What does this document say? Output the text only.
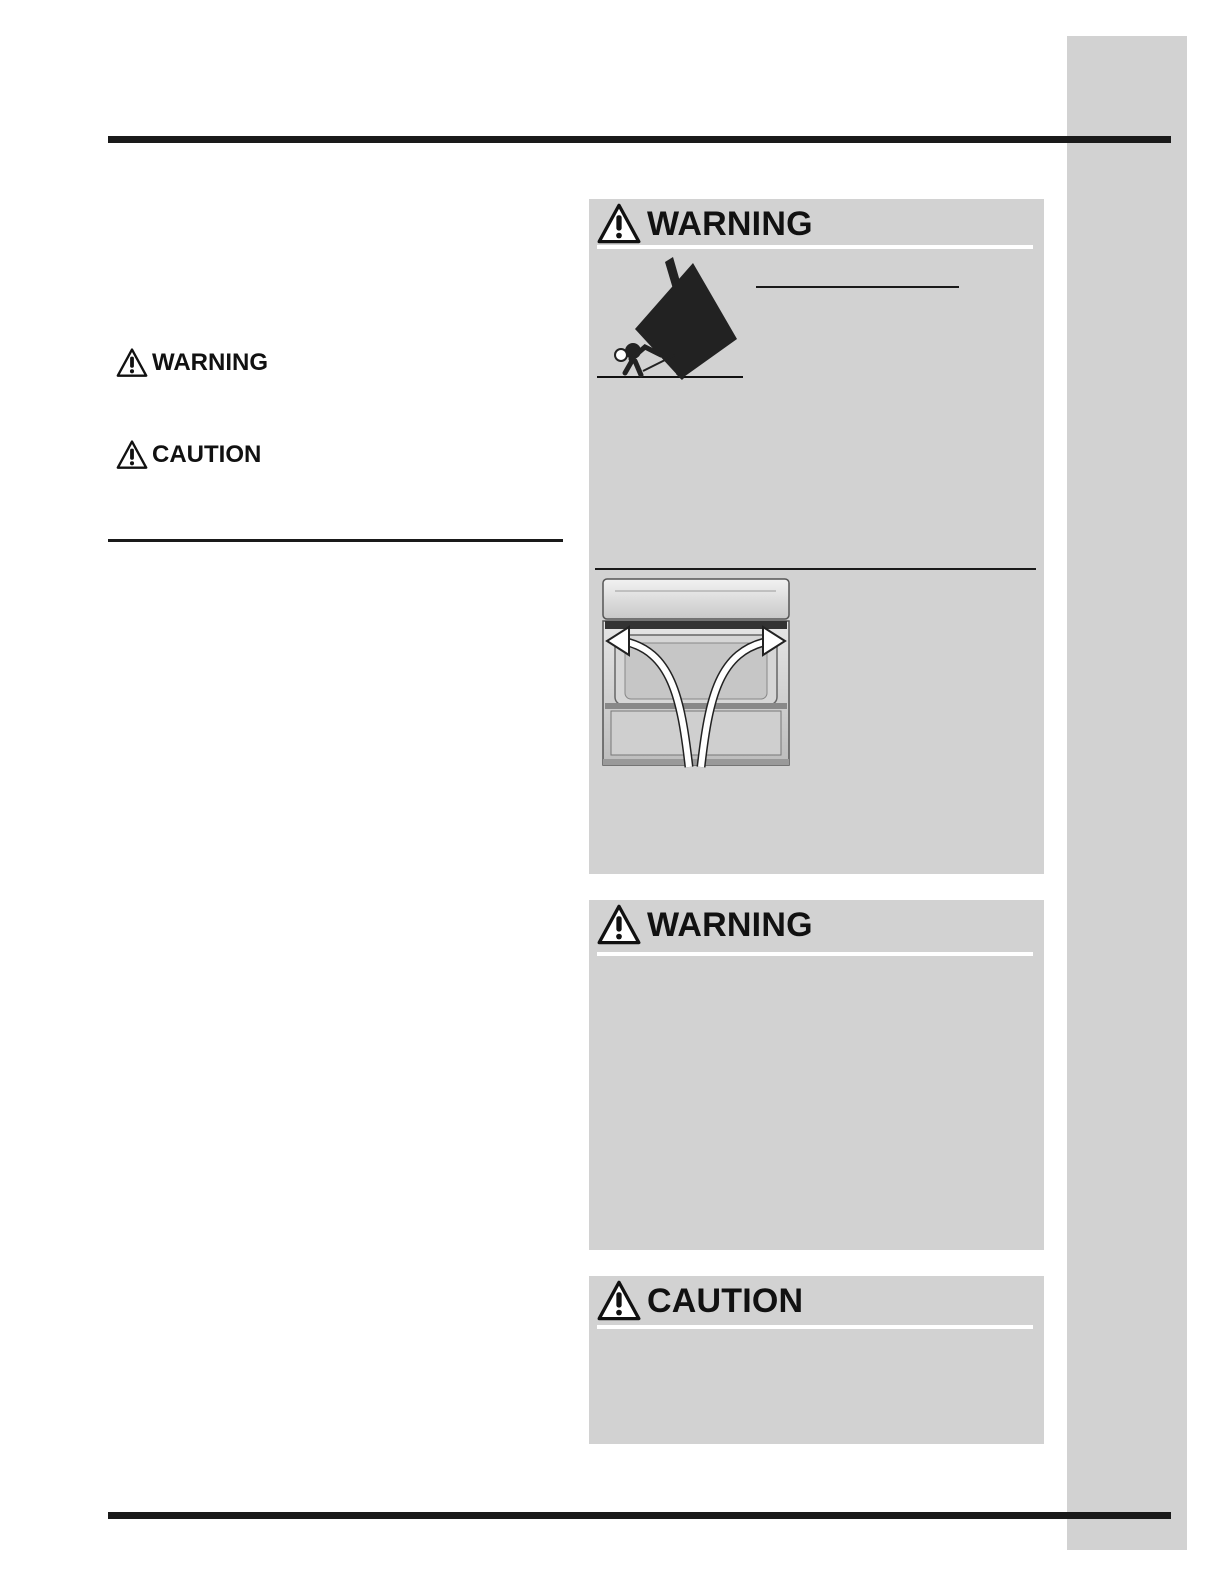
WARNING
CAUTION
WARNING
WARNING
CAUTION
